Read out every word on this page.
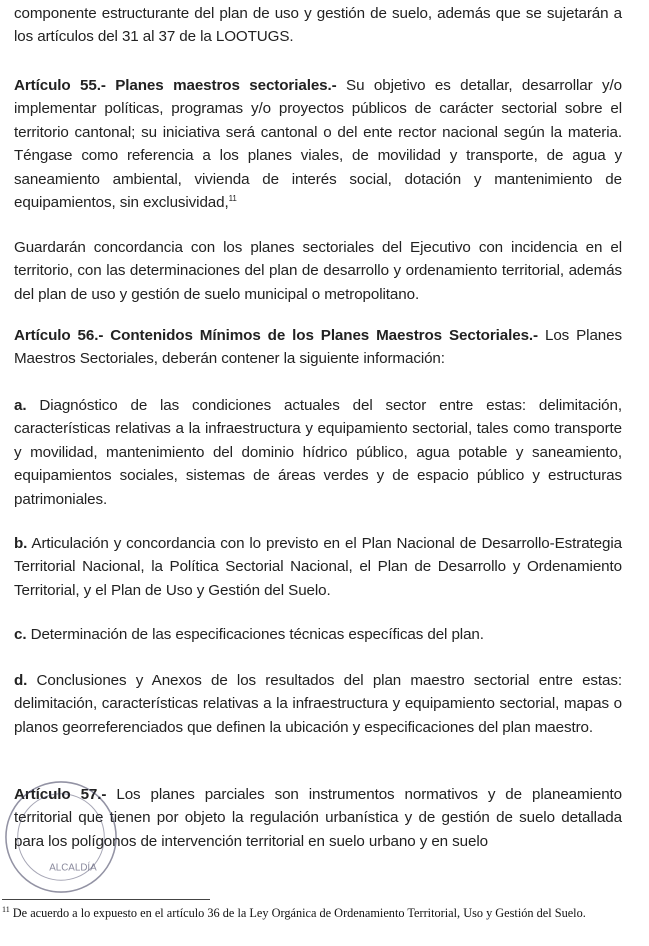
componente estructurante del plan de uso y gestión de suelo, además que se sujetarán a los artículos del 31 al 37 de la LOOTUGS.

Artículo 55.- Planes maestros sectoriales.- Su objetivo es detallar, desarrollar y/o implementar políticas, programas y/o proyectos públicos de carácter sectorial sobre el territorio cantonal; su iniciativa será cantonal o del ente rector nacional según la materia. Téngase como referencia a los planes viales, de movilidad y transporte, de agua y saneamiento ambiental, vivienda de interés social, dotación y mantenimiento de equipamientos, sin exclusividad,$^{11}$

Guardarán concordancia con los planes sectoriales del Ejecutivo con incidencia en el territorio, con las determinaciones del plan de desarrollo y ordenamiento territorial, además del plan de uso y gestión de suelo municipal o metropolitano.

Artículo 56.- Contenidos Mínimos de los Planes Maestros Sectoriales.- Los Planes Maestros Sectoriales, deberán contener la siguiente información:

a. Diagnóstico de las condiciones actuales del sector entre estas: delimitación, características relativas a la infraestructura y equipamiento sectorial, tales como transporte y movilidad, mantenimiento del dominio hídrico público, agua potable y saneamiento, equipamientos sociales, sistemas de áreas verdes y de espacio público y estructuras patrimoniales.

b. Articulación y concordancia con lo previsto en el Plan Nacional de Desarrollo-Estrategia Territorial Nacional, la Política Sectorial Nacional, el Plan de Desarrollo y Ordenamiento Territorial, y el Plan de Uso y Gestión del Suelo.

c. Determinación de las especificaciones técnicas específicas del plan.

d. Conclusiones y Anexos de los resultados del plan maestro sectorial entre estas: delimitación, características relativas a la infraestructura y equipamiento sectorial, mapas o planos georreferenciados que definen la ubicación y especificaciones del plan maestro.

Artículo 57.- Los planes parciales son instrumentos normativos y de planeamiento territorial que tienen por objeto la regulación urbanística y de gestión de suelo detallada para los polígonos de intervención territorial en suelo urbano y en suelo

ALCALDÍA
$^{11}$ De acuerdo a lo expuesto en el artículo 36 de la Ley Orgánica de Ordenamiento Territorial, Uso y Gestión del Suelo.
